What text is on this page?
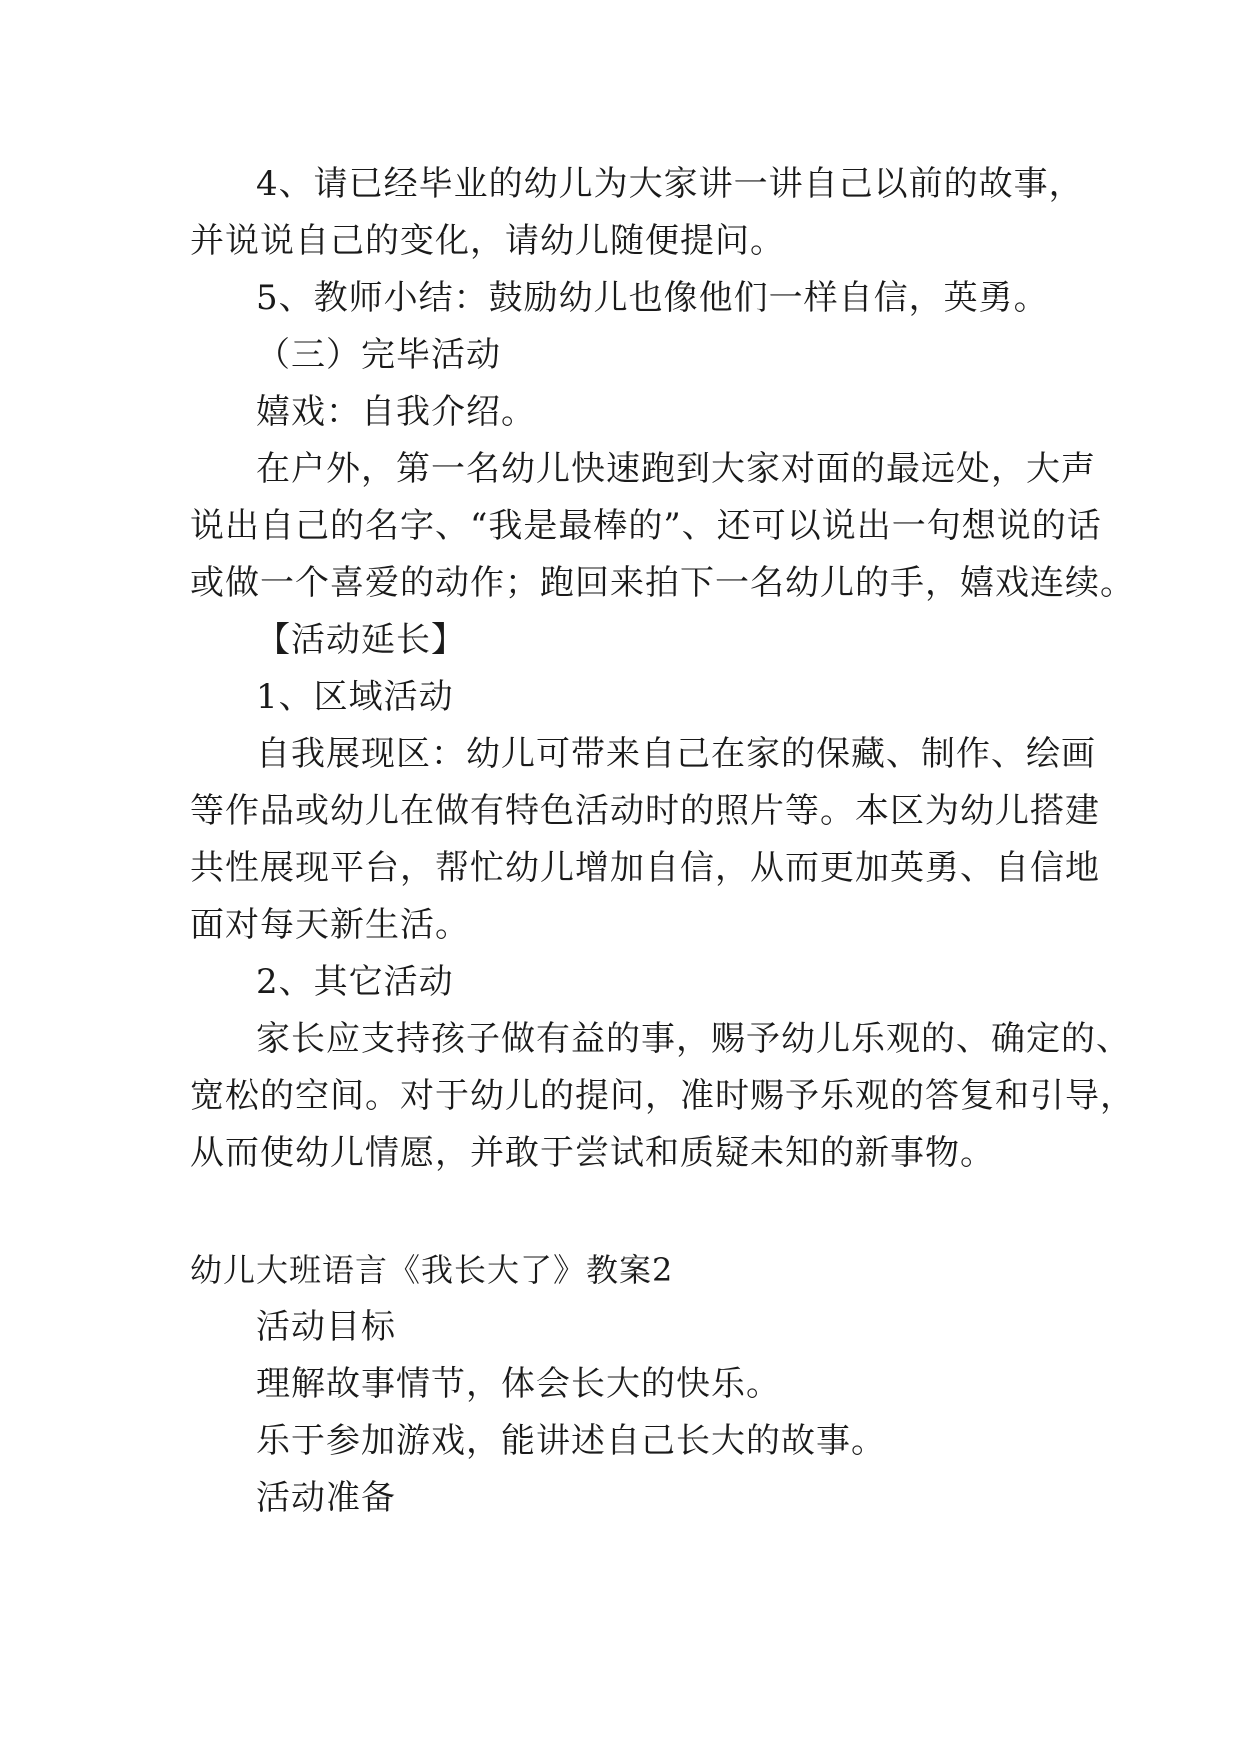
4、请已经毕业的幼儿为大家讲一讲自己以前的故事，
并说说自己的变化，请幼儿随便提问。
5、教师小结：鼓励幼儿也像他们一样自信，英勇。
（三）完毕活动
嬉戏：自我介绍。
在户外，第一名幼儿快速跑到大家对面的最远处，大声
说出自己的名字、“我是最棒的”、还可以说出一句想说的话
或做一个喜爱的动作；跑回来拍下一名幼儿的手，嬉戏连续。
【活动延长】
1、区域活动
自我展现区：幼儿可带来自己在家的保藏、制作、绘画
等作品或幼儿在做有特色活动时的照片等。本区为幼儿搭建
共性展现平台，帮忙幼儿增加自信，从而更加英勇、自信地
面对每天新生活。
2、其它活动
家长应支持孩子做有益的事，赐予幼儿乐观的、确定的、
宽松的空间。对于幼儿的提问，准时赐予乐观的答复和引导，
从而使幼儿情愿，并敢于尝试和质疑未知的新事物。
幼儿大班语言《我长大了》教案2
活动目标
理解故事情节，体会长大的快乐。
乐于参加游戏，能讲述自己长大的故事。
活动准备
